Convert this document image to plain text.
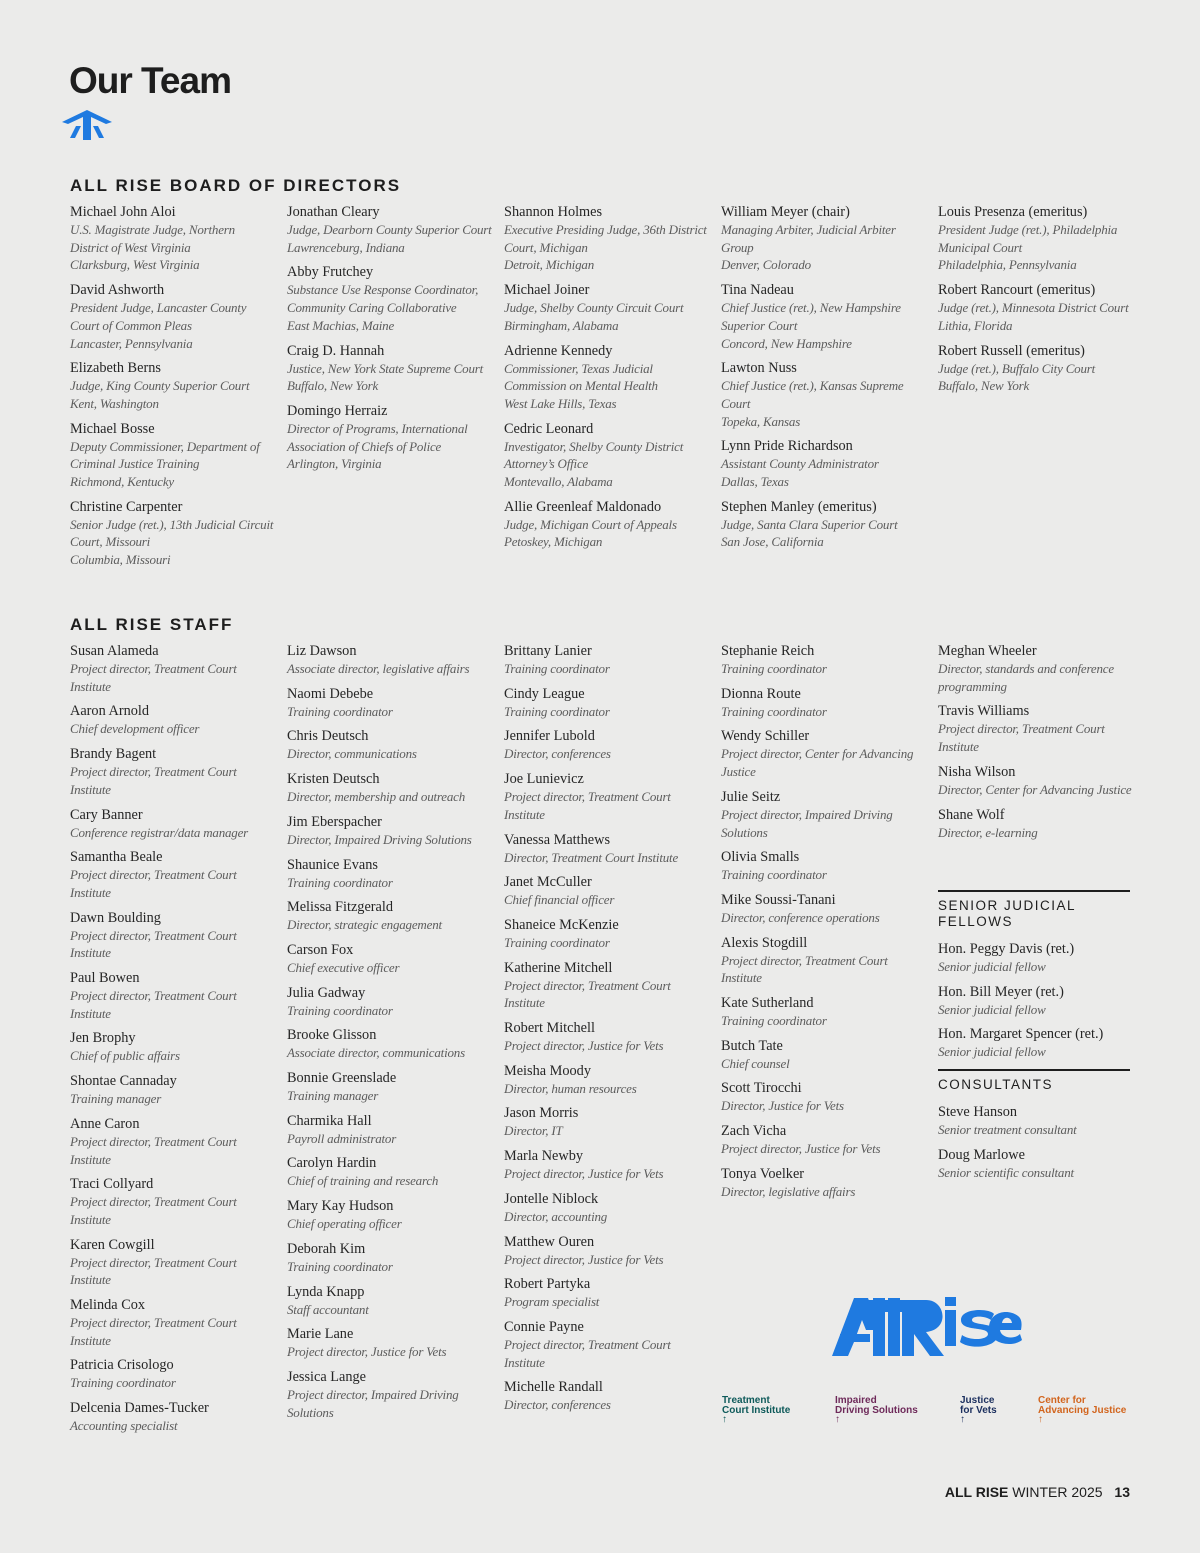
Our Team
ALL RISE BOARD OF DIRECTORS
Michael John Aloi
U.S. Magistrate Judge, Northern District of West Virginia
Clarksburg, West Virginia
David Ashworth
President Judge, Lancaster County Court of Common Pleas
Lancaster, Pennsylvania
Elizabeth Berns
Judge, King County Superior Court
Kent, Washington
Michael Bosse
Deputy Commissioner, Department of Criminal Justice Training
Richmond, Kentucky
Christine Carpenter
Senior Judge (ret.), 13th Judicial Circuit Court, Missouri
Columbia, Missouri
Jonathan Cleary
Judge, Dearborn County Superior Court
Lawrenceburg, Indiana
Abby Frutchey
Substance Use Response Coordinator, Community Caring Collaborative
East Machias, Maine
Craig D. Hannah
Justice, New York State Supreme Court
Buffalo, New York
Domingo Herraiz
Director of Programs, International Association of Chiefs of Police
Arlington, Virginia
Shannon Holmes
Executive Presiding Judge, 36th District Court, Michigan
Detroit, Michigan
Michael Joiner
Judge, Shelby County Circuit Court
Birmingham, Alabama
Adrienne Kennedy
Commissioner, Texas Judicial Commission on Mental Health
West Lake Hills, Texas
Cedric Leonard
Investigator, Shelby County District Attorney’s Office
Montevallo, Alabama
Allie Greenleaf Maldonado
Judge, Michigan Court of Appeals
Petoskey, Michigan
William Meyer (chair)
Managing Arbiter, Judicial Arbiter Group
Denver, Colorado
Tina Nadeau
Chief Justice (ret.), New Hampshire Superior Court
Concord, New Hampshire
Lawton Nuss
Chief Justice (ret.), Kansas Supreme Court
Topeka, Kansas
Lynn Pride Richardson
Assistant County Administrator
Dallas, Texas
Stephen Manley (emeritus)
Judge, Santa Clara Superior Court
San Jose, California
Louis Presenza (emeritus)
President Judge (ret.), Philadelphia Municipal Court
Philadelphia, Pennsylvania
Robert Rancourt (emeritus)
Judge (ret.), Minnesota District Court
Lithia, Florida
Robert Russell (emeritus)
Judge (ret.), Buffalo City Court
Buffalo, New York
ALL RISE STAFF
Susan Alameda
Project director, Treatment Court Institute
Aaron Arnold
Chief development officer
Brandy Bagent
Project director, Treatment Court Institute
Cary Banner
Conference registrar/data manager
Samantha Beale
Project director, Treatment Court Institute
Dawn Boulding
Project director, Treatment Court Institute
Paul Bowen
Project director, Treatment Court Institute
Jen Brophy
Chief of public affairs
Shontae Cannaday
Training manager
Anne Caron
Project director, Treatment Court Institute
Traci Collyard
Project director, Treatment Court Institute
Karen Cowgill
Project director, Treatment Court Institute
Melinda Cox
Project director, Treatment Court Institute
Patricia Crisologo
Training coordinator
Delcenia Dames-Tucker
Accounting specialist
Liz Dawson
Associate director, legislative affairs
Naomi Debebe
Training coordinator
Chris Deutsch
Director, communications
Kristen Deutsch
Director, membership and outreach
Jim Eberspacher
Director, Impaired Driving Solutions
Shaunice Evans
Training coordinator
Melissa Fitzgerald
Director, strategic engagement
Carson Fox
Chief executive officer
Julia Gadway
Training coordinator
Brooke Glisson
Associate director, communications
Bonnie Greenslade
Training manager
Charmika Hall
Payroll administrator
Carolyn Hardin
Chief of training and research
Mary Kay Hudson
Chief operating officer
Deborah Kim
Training coordinator
Lynda Knapp
Staff accountant
Marie Lane
Project director, Justice for Vets
Jessica Lange
Project director, Impaired Driving Solutions
Brittany Lanier
Training coordinator
Cindy League
Training coordinator
Jennifer Lubold
Director, conferences
Joe Lunievicz
Project director, Treatment Court Institute
Vanessa Matthews
Director, Treatment Court Institute
Janet McCuller
Chief financial officer
Shaneice McKenzie
Training coordinator
Katherine Mitchell
Project director, Treatment Court Institute
Robert Mitchell
Project director, Justice for Vets
Meisha Moody
Director, human resources
Jason Morris
Director, IT
Marla Newby
Project director, Justice for Vets
Jontelle Niblock
Director, accounting
Matthew Ouren
Project director, Justice for Vets
Robert Partyka
Program specialist
Connie Payne
Project director, Treatment Court Institute
Michelle Randall
Director, conferences
Stephanie Reich
Training coordinator
Dionna Route
Training coordinator
Wendy Schiller
Project director, Center for Advancing Justice
Julie Seitz
Project director, Impaired Driving Solutions
Olivia Smalls
Training coordinator
Mike Soussi-Tanani
Director, conference operations
Alexis Stogdill
Project director, Treatment Court Institute
Kate Sutherland
Training coordinator
Butch Tate
Chief counsel
Scott Tirocchi
Director, Justice for Vets
Zach Vicha
Project director, Justice for Vets
Tonya Voelker
Director, legislative affairs
Meghan Wheeler
Director, standards and conference programming
Travis Williams
Project director, Treatment Court Institute
Nisha Wilson
Director, Center for Advancing Justice
Shane Wolf
Director, e-learning
SENIOR JUDICIAL FELLOWS
Hon. Peggy Davis (ret.)
Senior judicial fellow
Hon. Bill Meyer (ret.)
Senior judicial fellow
Hon. Margaret Spencer (ret.)
Senior judicial fellow
CONSULTANTS
Steve Hanson
Senior treatment consultant
Doug Marlowe
Senior scientific consultant
Treatment
Court Institute
↑
Impaired
Driving Solutions
↑
Justice
for Vets
↑
Center for
Advancing Justice
↑
ALL RISE WINTER 2025 13
